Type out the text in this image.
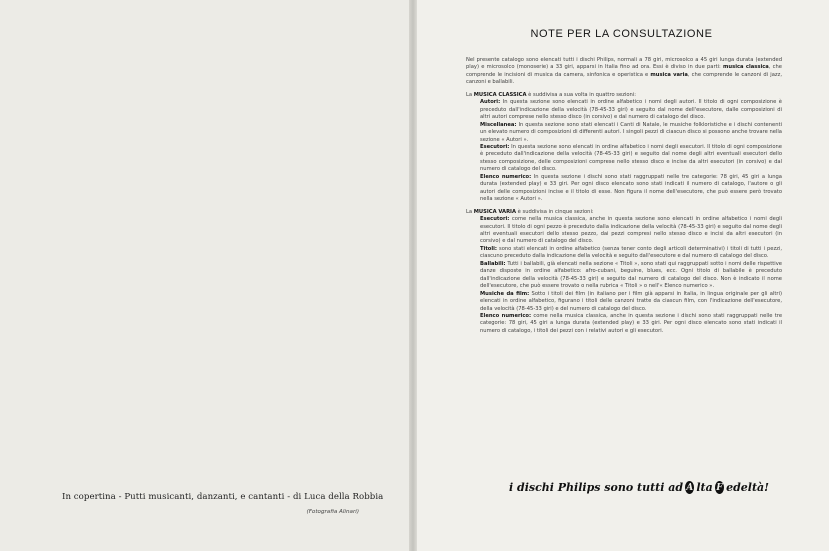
In copertina - Putti musicanti, danzanti, e cantanti - di Luca della Robbia
(Fotografia Alinari)
NOTE PER LA CONSULTAZIONE

Nel presente catalogo sono elencati tutti i dischi Philips, normali a 78 giri, microsolco a 45 giri lunga durata (extended play) e microsolco (monoserie) a 33 giri, apparsi in Italia fino ad ora. Essi è diviso in due parti: musica classica, che comprende le incisioni di musica da camera, sinfonica e operistica e musica varia, che comprende le canzoni di jazz, canzoni e ballabili.

La MUSICA CLASSICA è suddivisa a sua volta in quattro sezioni:

Autori: In questa sezione sono elencati in ordine alfabetico i nomi degli autori. Il titolo di ogni composizione è preceduto dall'indicazione della velocità (78-45-33 giri) e seguito dal nome dell'esecutore, dalle composizioni di altri autori comprese nello stesso disco (in corsivo) e dal numero di catalogo del disco.

Miscellanea: In questa sezione sono stati elencati i Canti di Natale, le musiche folkloristiche e i dischi contenenti un elevato numero di composizioni di differenti autori. I singoli pezzi di ciascun disco si possono anche trovare nella sezione « Autori ».

Esecutori: In questa sezione sono elencati in ordine alfabetico i nomi degli esecutori. Il titolo di ogni composizione è preceduto dall'indicazione della velocità (78-45-33 giri) e seguito dal nome degli altri eventuali esecutori dello stesso composizione, delle composizioni comprese nello stesso disco e incise da altri esecutori (in corsivo) e dal numero di catalogo del disco.

Elenco numerico: In questa sezione i dischi sono stati raggruppati nelle tre categorie: 78 giri, 45 giri a lunga durata (extended play) e 33 giri. Per ogni disco elencato sono stati indicati il numero di catalogo, l'autore o gli autori delle composizioni incise e il titolo di esse. Non figura il nome dell'esecutore, che può essere però trovato nella sezione « Autori ».

La MUSICA VARIA è suddivisa in cinque sezioni:

Esecutori: come nella musica classica, anche in questa sezione sono elencati in ordine alfabetico i nomi degli esecutori. Il titolo di ogni pezzo è preceduto dalla indicazione della velocità (78-45-33 giri) e seguito dal nome degli altri eventuali esecutori dello stesso pezzo, dai pezzi compresi nello stesso disco e incisi da altri esecutori (in corsivo) e dal numero di catalogo del disco.

Titoli: sono stati elencati in ordine alfabetico (senza tener conto degli articoli determinativi) i titoli di tutti i pezzi, ciascuno preceduto dalla indicazione della velocità e seguito dall'esecutore e dal numero di catalogo del disco.

Ballabili: Tutti i ballabili, già elencati nella sezione « Titoli », sono stati qui raggruppati sotto i nomi delle rispettive danze disposte in ordine alfabetico: afro-cubani, beguine, blues, ecc. Ogni titolo di ballabile è preceduto dall'indicazione della velocità (78-45-33 giri) e seguito dal numero di catalogo del disco. Non è indicato il nome dell'esecutore, che può essere trovato o nella rubrica « Titoli » o nell'« Elenco numerico ».

Musiche da film: Sotto i titoli dei film (in italiano per i film già apparsi in Italia, in lingua originale per gli altri) elencati in ordine alfabetico, figurano i titoli delle canzoni tratte da ciascun film, con l'indicazione dell'esecutore, della velocità (78-45-33 giri) e del numero di catalogo del disco.

Elenco numerico: come nella musica classica, anche in questa sezione i dischi sono stati raggruppati nelle tre categorie: 78 giri, 45 giri a lunga durata (extended play) e 33 giri. Per ogni disco elencato sono stati indicati il numero di catalogo, i titoli dei pezzi con i relativi autori e gli esecutori.

i dischi Philips sono tutti ad A lta F edeltà!
